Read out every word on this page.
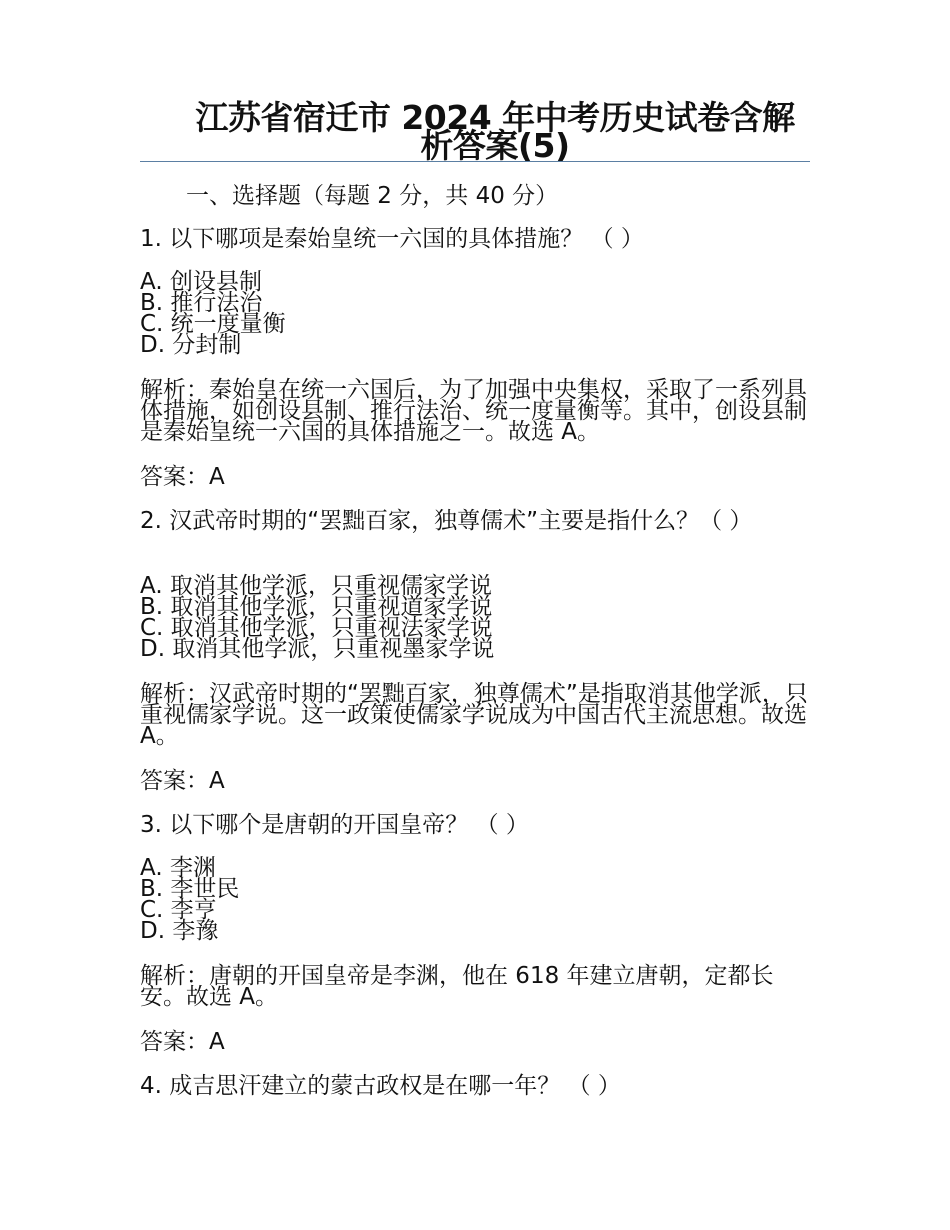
江苏省宿迁市 2024 年中考历史试卷含解析答案(5)
一、选择题（每题 2 分，共 40 分）
1. 以下哪项是秦始皇统一六国的具体措施？ （ ）
A. 创设县制
B. 推行法治
C. 统一度量衡
D. 分封制
解析：秦始皇在统一六国后，为了加强中央集权，采取了一系列具体措施，如创设县制、推行法治、统一度量衡等。其中，创设县制是秦始皇统一六国的具体措施之一。故选 A。
答案：A
2. 汉武帝时期的“罢黜百家，独尊儒术”主要是指什么？（ ）
A. 取消其他学派，只重视儒家学说
B. 取消其他学派，只重视道家学说
C. 取消其他学派，只重视法家学说
D. 取消其他学派，只重视墨家学说
解析：汉武帝时期的“罢黜百家，独尊儒术”是指取消其他学派，只重视儒家学说。这一政策使儒家学说成为中国古代主流思想。故选 A。
答案：A
3. 以下哪个是唐朝的开国皇帝？ （ ）
A. 李渊
B. 李世民
C. 李亨
D. 李豫
解析：唐朝的开国皇帝是李渊，他在 618 年建立唐朝，定都长安。故选 A。
答案：A
4. 成吉思汗建立的蒙古政权是在哪一年？ （ ）
